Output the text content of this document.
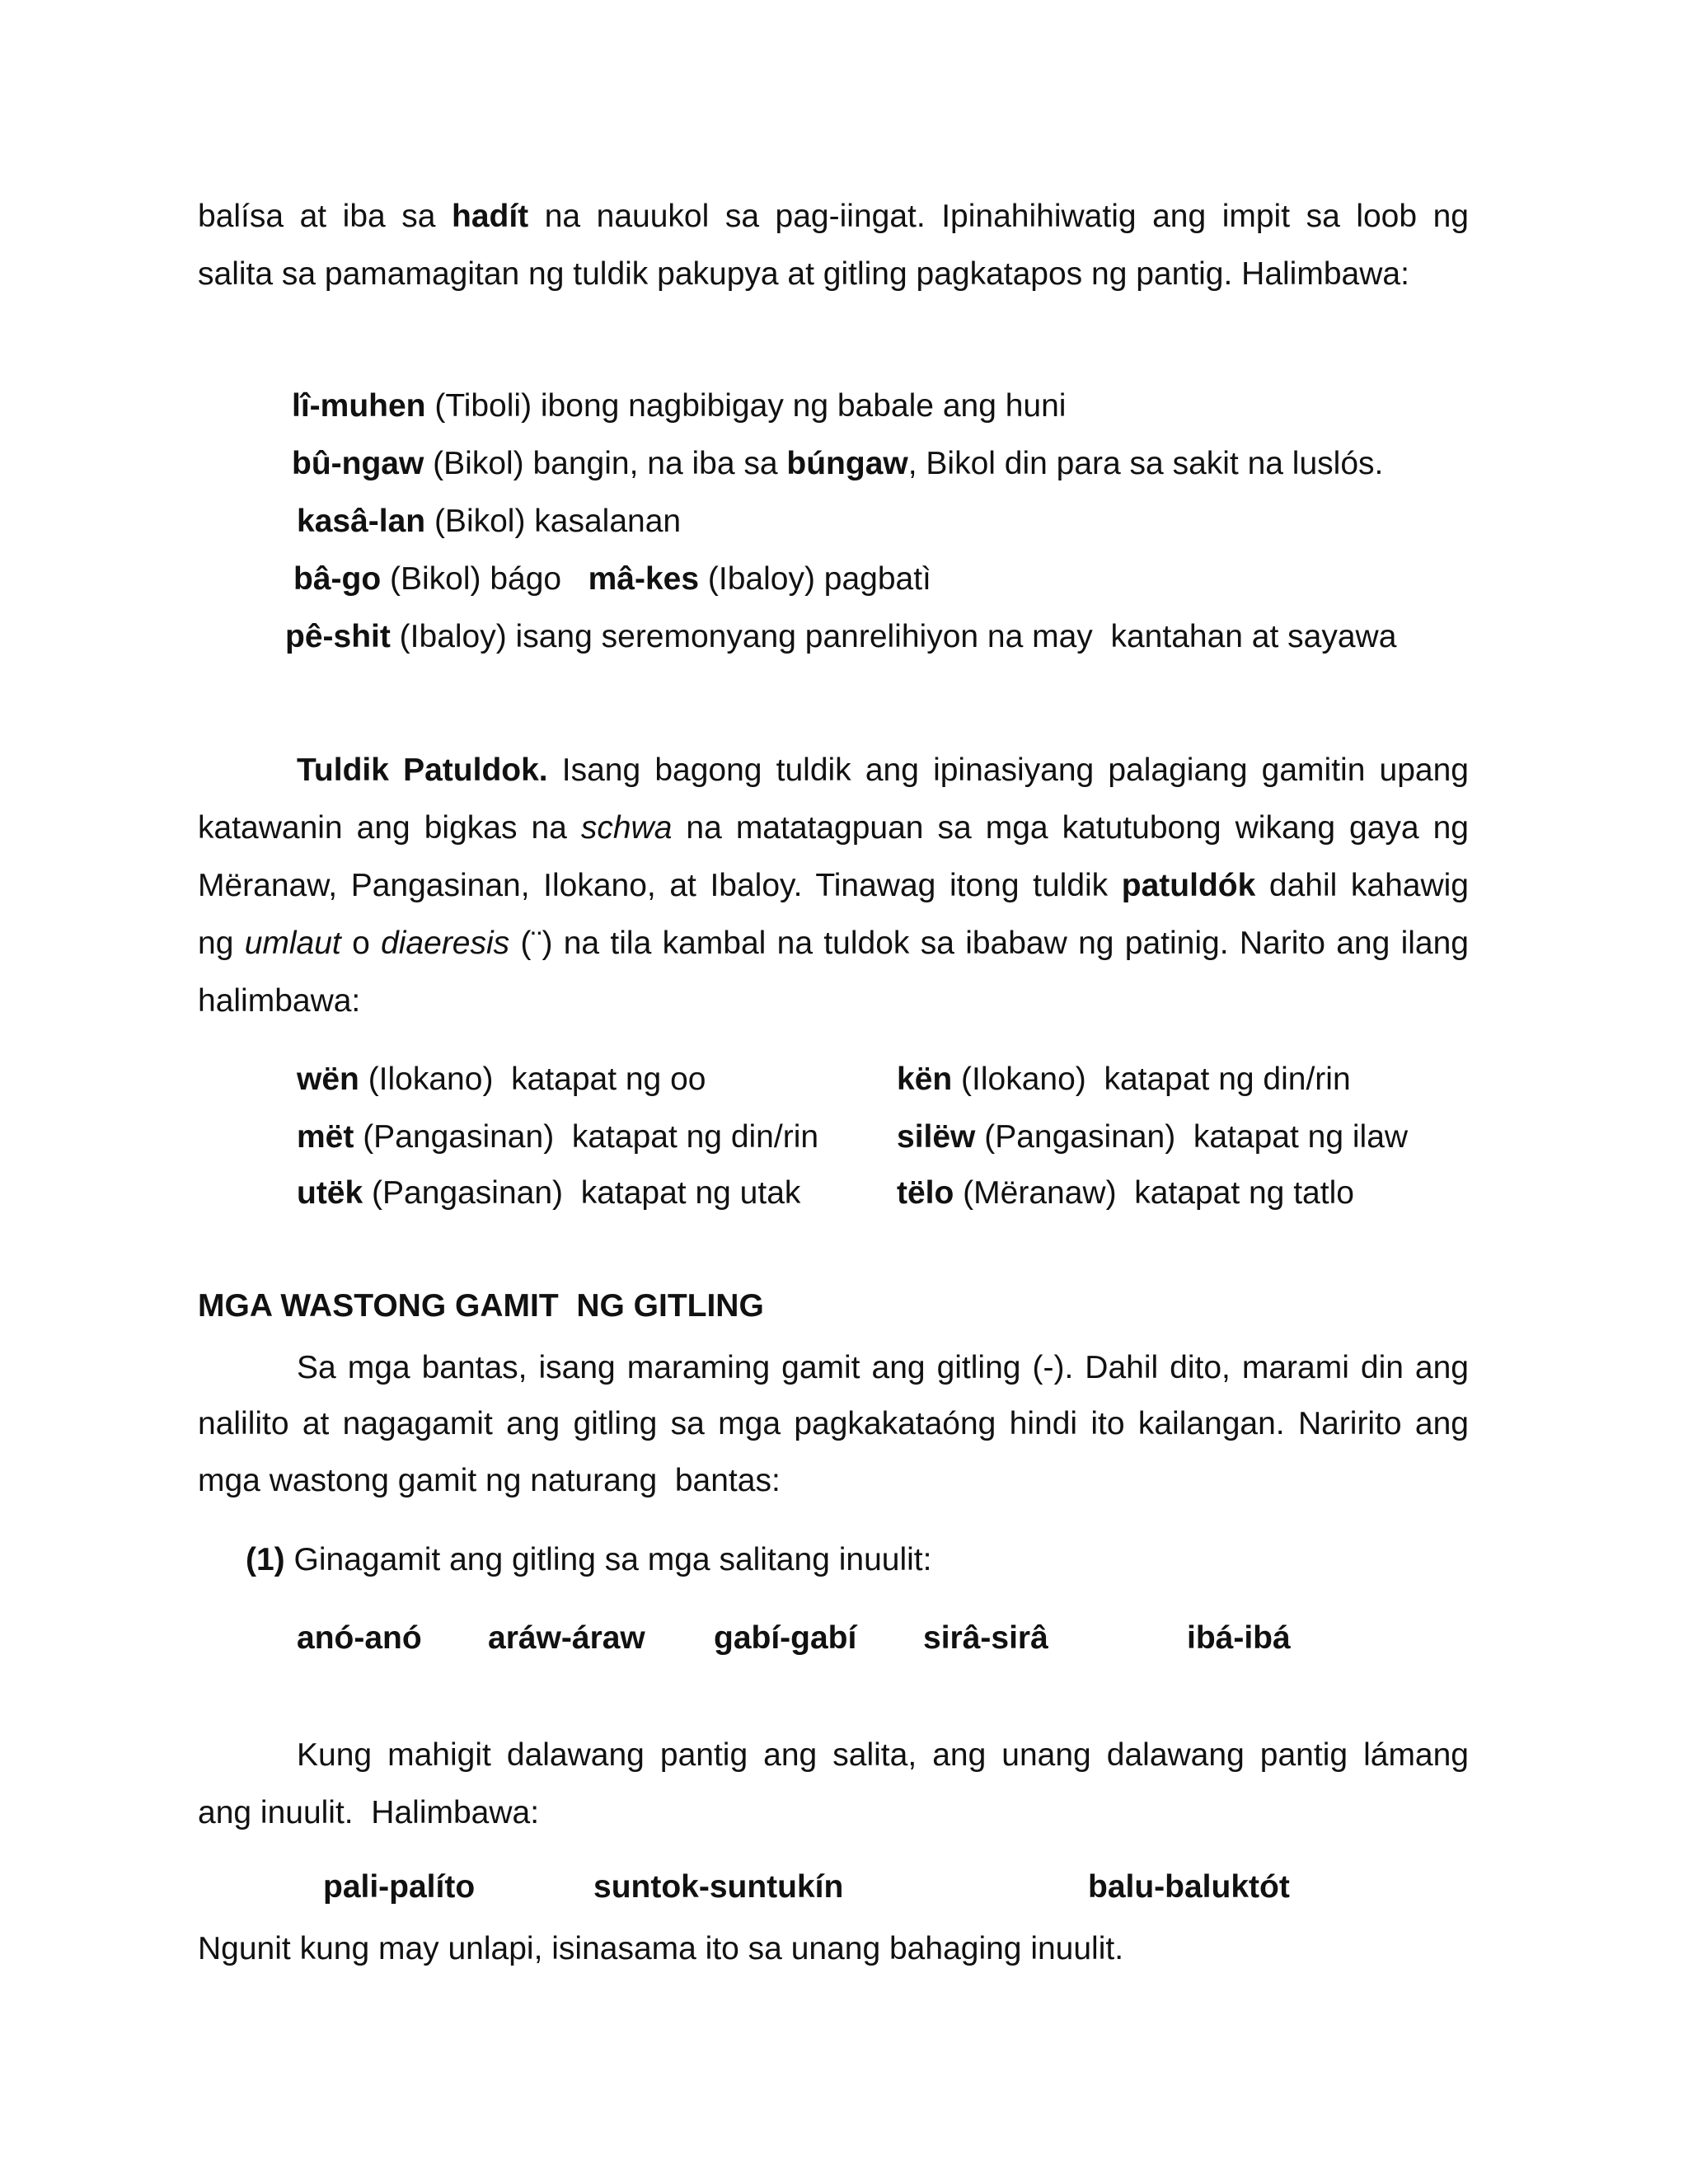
balísa at iba sa hadít na nauukol sa pag-iingat. Ipinahihiwatig ang impit sa loob ng
salita sa pamamagitan ng tuldik pakupya at gitling pagkatapos ng pantig. Halimbawa:
lî-muhen (Tiboli) ibong nagbibigay ng babale ang huni
bû-ngaw (Bikol) bangin, na iba sa búngaw, Bikol din para sa sakit na luslós.
kasâ-lan (Bikol) kasalanan
bâ-go (Bikol) bágo   mâ-kes (Ibaloy) pagbatì
pê-shit (Ibaloy) isang seremonyang panrelihiyon na may  kantahan at sayawa
Tuldik Patuldok. Isang bagong tuldik ang ipinasiyang palagiang gamitin upang
katawanin ang bigkas na schwa na matatagpuan sa mga katutubong wikang gaya ng
Mëranaw, Pangasinan, Ilokano, at Ibaloy. Tinawag itong tuldik patuldók dahil kahawig
ng umlaut o diaeresis (¨) na tila kambal na tuldok sa ibabaw ng patinig. Narito ang ilang
halimbawa:
wën (Ilokano)  katapat ng oo	kën (Ilokano)  katapat ng din/rin
mët (Pangasinan)  katapat ng din/rin silëw (Pangasinan)  katapat ng ilaw
utëk (Pangasinan)  katapat ng utak	tëlo (Mëranaw)  katapat ng tatlo
MGA WASTONG GAMIT  NG GITLING
Sa mga bantas, isang maraming gamit ang gitling (-). Dahil dito, marami din ang
nalilito at nagagamit ang gitling sa mga pagkakataóng hindi ito kailangan. Naririto ang
mga wastong gamit ng naturang  bantas:
(1) Ginagamit ang gitling sa mga salitang inuulit:
anó-anó aráw-áraw gabí-gabí sirâ-sirâ	ibá-ibá
Kung mahigit dalawang pantig ang salita, ang unang dalawang pantig lámang
ang inuulit.  Halimbawa:
pali-palíto	suntok-suntukín	balu-baluktót
Ngunit kung may unlapi, isinasama ito sa unang bahaging inuulit.
